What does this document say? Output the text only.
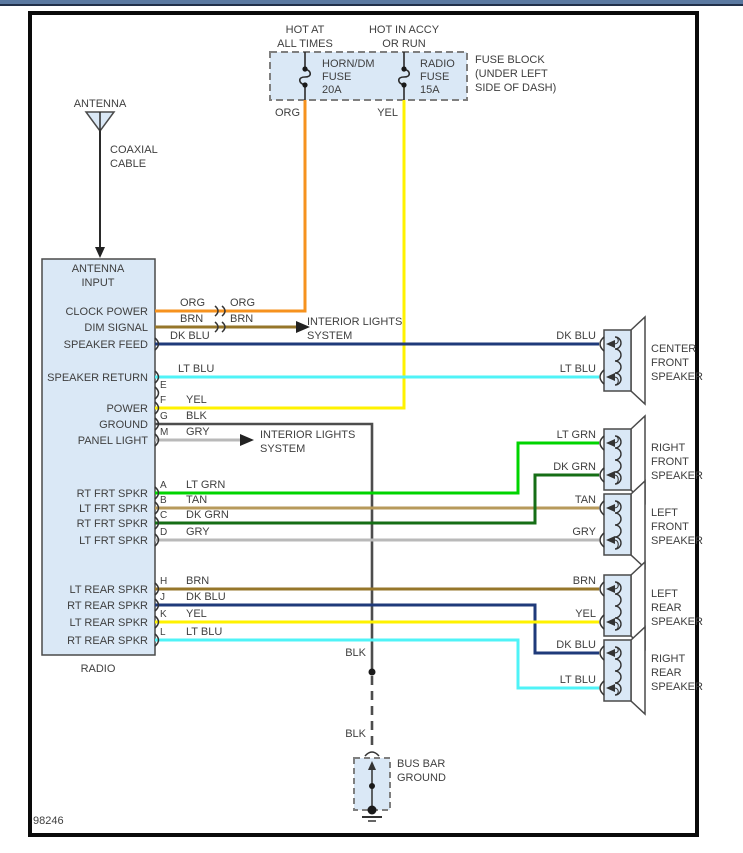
ANTENNA
COAXIAL
CABLE
HOT AT
ALL TIMES
HOT IN ACCY
OR RUN
HORN/DM
FUSE
20A
RADIO
FUSE
15A
FUSE BLOCK
(UNDER LEFT
SIDE OF DASH)
ORG	YEL
ANTENNA
INPUT
RADIO
INTERIOR LIGHTS
SYSTEM
INTERIOR LIGHTS
SYSTEM
BLK
BLK
BUS BAR
GROUND
E
F
G
M
A
B
C
D
H
J
K
L
ORG ORG
BRN BRN
DK BLU
LT BLU
YEL
BLK
GRY
LT GRN
TAN
DK GRN
GRY
BRN
DK BLU
YEL
LT BLU
CLOCK POWER
DIM SIGNAL
SPEAKER FEED
SPEAKER RETURN
POWER
GROUND
PANEL LIGHT
RT FRT SPKR
LT FRT SPKR
RT FRT SPKR
LT FRT SPKR
LT REAR SPKR
RT REAR SPKR
LT REAR SPKR
RT REAR SPKR
DK BLU
LT BLU
LT GRN
DK GRN
TAN
GRY
BRN
YEL
DK BLU
LT BLU
CENTER
FRONT
SPEAKER
RIGHT
FRONT
SPEAKER
LEFT
FRONT
SPEAKER
LEFT
REAR
SPEAKER
RIGHT
REAR
SPEAKER
98246
